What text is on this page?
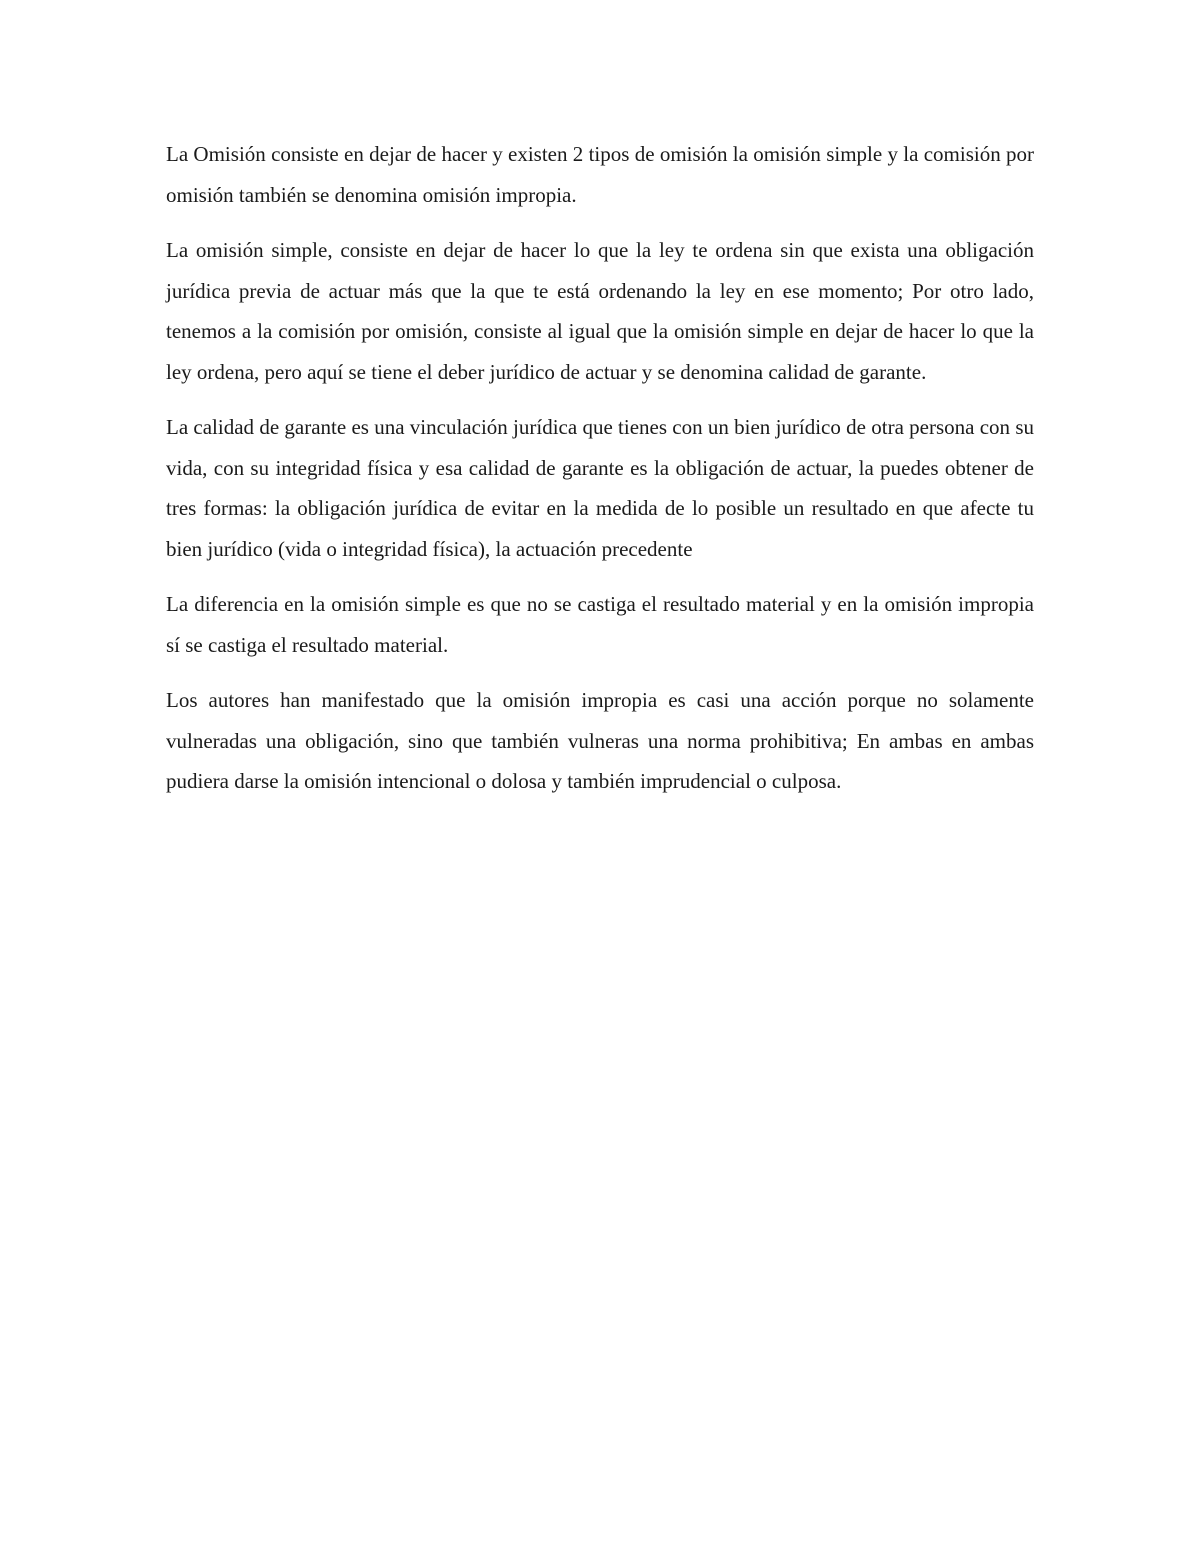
La Omisión consiste en dejar de hacer y existen 2 tipos de omisión la omisión simple y la comisión por omisión también se denomina omisión impropia.

La omisión simple, consiste en dejar de hacer lo que la ley te ordena sin que exista una obligación jurídica previa de actuar más que la que te está ordenando la ley en ese momento; Por otro lado, tenemos a la comisión por omisión, consiste al igual que la omisión simple en dejar de hacer lo que la ley ordena, pero aquí se tiene el deber jurídico de actuar y se denomina calidad de garante.

La calidad de garante es una vinculación jurídica que tienes con un bien jurídico de otra persona con su vida, con su integridad física y esa calidad de garante es la obligación de actuar, la puedes obtener de tres formas: la obligación jurídica de evitar en la medida de lo posible un resultado en que afecte tu bien jurídico (vida o integridad física), la actuación precedente

La diferencia en la omisión simple es que no se castiga el resultado material y en la omisión impropia sí se castiga el resultado material.

Los autores han manifestado que la omisión impropia es casi una acción porque no solamente vulneradas una obligación, sino que también vulneras una norma prohibitiva; En ambas en ambas pudiera darse la omisión intencional o dolosa y también imprudencial o culposa.
